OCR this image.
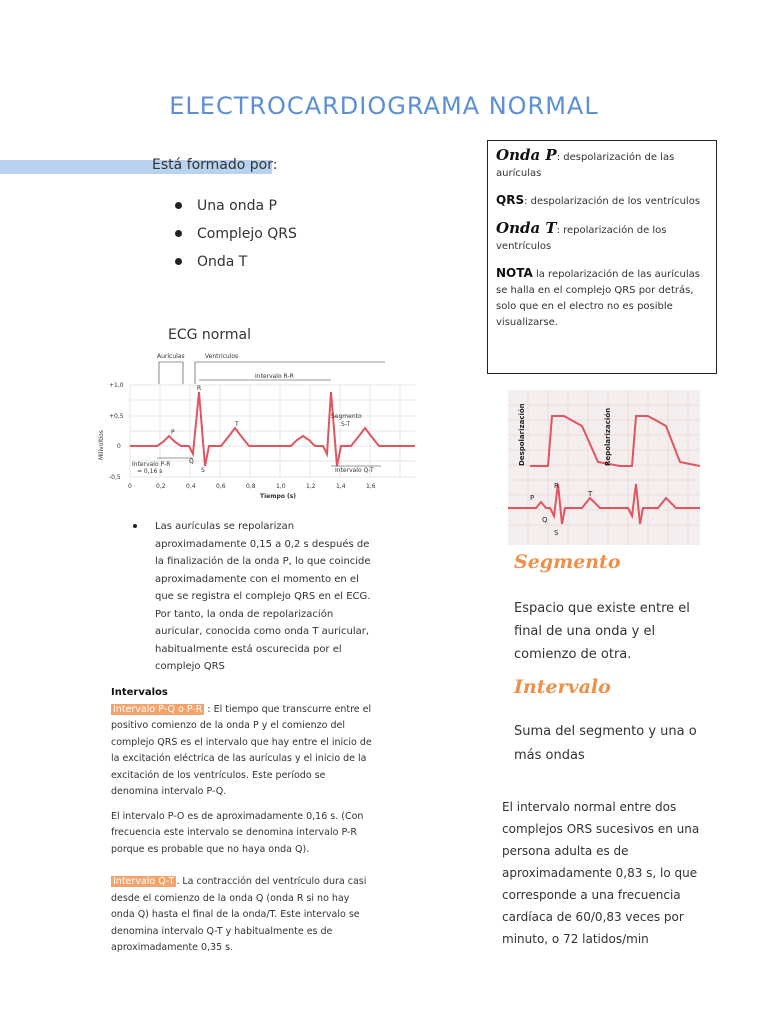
ELECTROCARDIOGRAMA NORMAL
Está formado por:
Una onda P
Complejo QRS
Onda T

Onda P: despolarización de las aurículas

QRS: despolarización de los ventrículos

Onda T: repolarización de los ventrículos

NOTA la repolarización de las aurículas se halla en el complejo QRS por detrás, solo que en el electro no es posible visualizarse.

ECG normal
+1,0
+0,5
0
-0,5
0	0,2	0,4	0,6	0,8	1,0	1,2	1,4	1,6
Tiempo (s)
Milivoltios
Aurículas	Ventrículos
Intervalo R-R
Segmento
S-T
Intervalo P-R
= 0,16 s	Intervalo Q-T
P
Q
R
S
T	Despolarización	Repolarización
P
Q
R
S
T
Las aurículas se repolarizan aproximadamente 0,15 a 0,2 s después de la finalización de la onda P, lo que coincide aproximadamente con el momento en el que se registra el complejo QRS en el ECG. Por tanto, la onda de repolarización auricular, conocida como onda T auricular, habitualmente está oscurecida por el complejo QRS
Intervalos

Intervalo P-Q o P-R : El tiempo que transcurre entre el positivo comienzo de la onda P y el comienzo del complejo QRS es el intervalo que hay entre el inicio de la excitación eléctrica de las aurículas y el inicio de la excitación de los ventrículos. Este período se denomina intervalo P-Q.

El intervalo P-O es de aproximadamente 0,16 s. (Con frecuencia este intervalo se denomina intervalo P-R porque es probable que no haya onda Q).

Intervalo Q-T . La contracción del ventrículo dura casi desde el comienzo de la onda Q (onda R si no hay onda Q) hasta el final de la onda/T. Este intervalo se denomina intervalo Q-T y habitualmente es de aproximadamente 0,35 s.

Segmento
Espacio que existe entre el final de una onda y el comienzo de otra.
Intervalo
Suma del segmento y una o más ondas
El intervalo normal entre dos complejos ORS sucesivos en una persona adulta es de aproximadamente 0,83 s, lo que corresponde a una frecuencia cardíaca de 60/0,83 veces por minuto, o 72 latidos/min
